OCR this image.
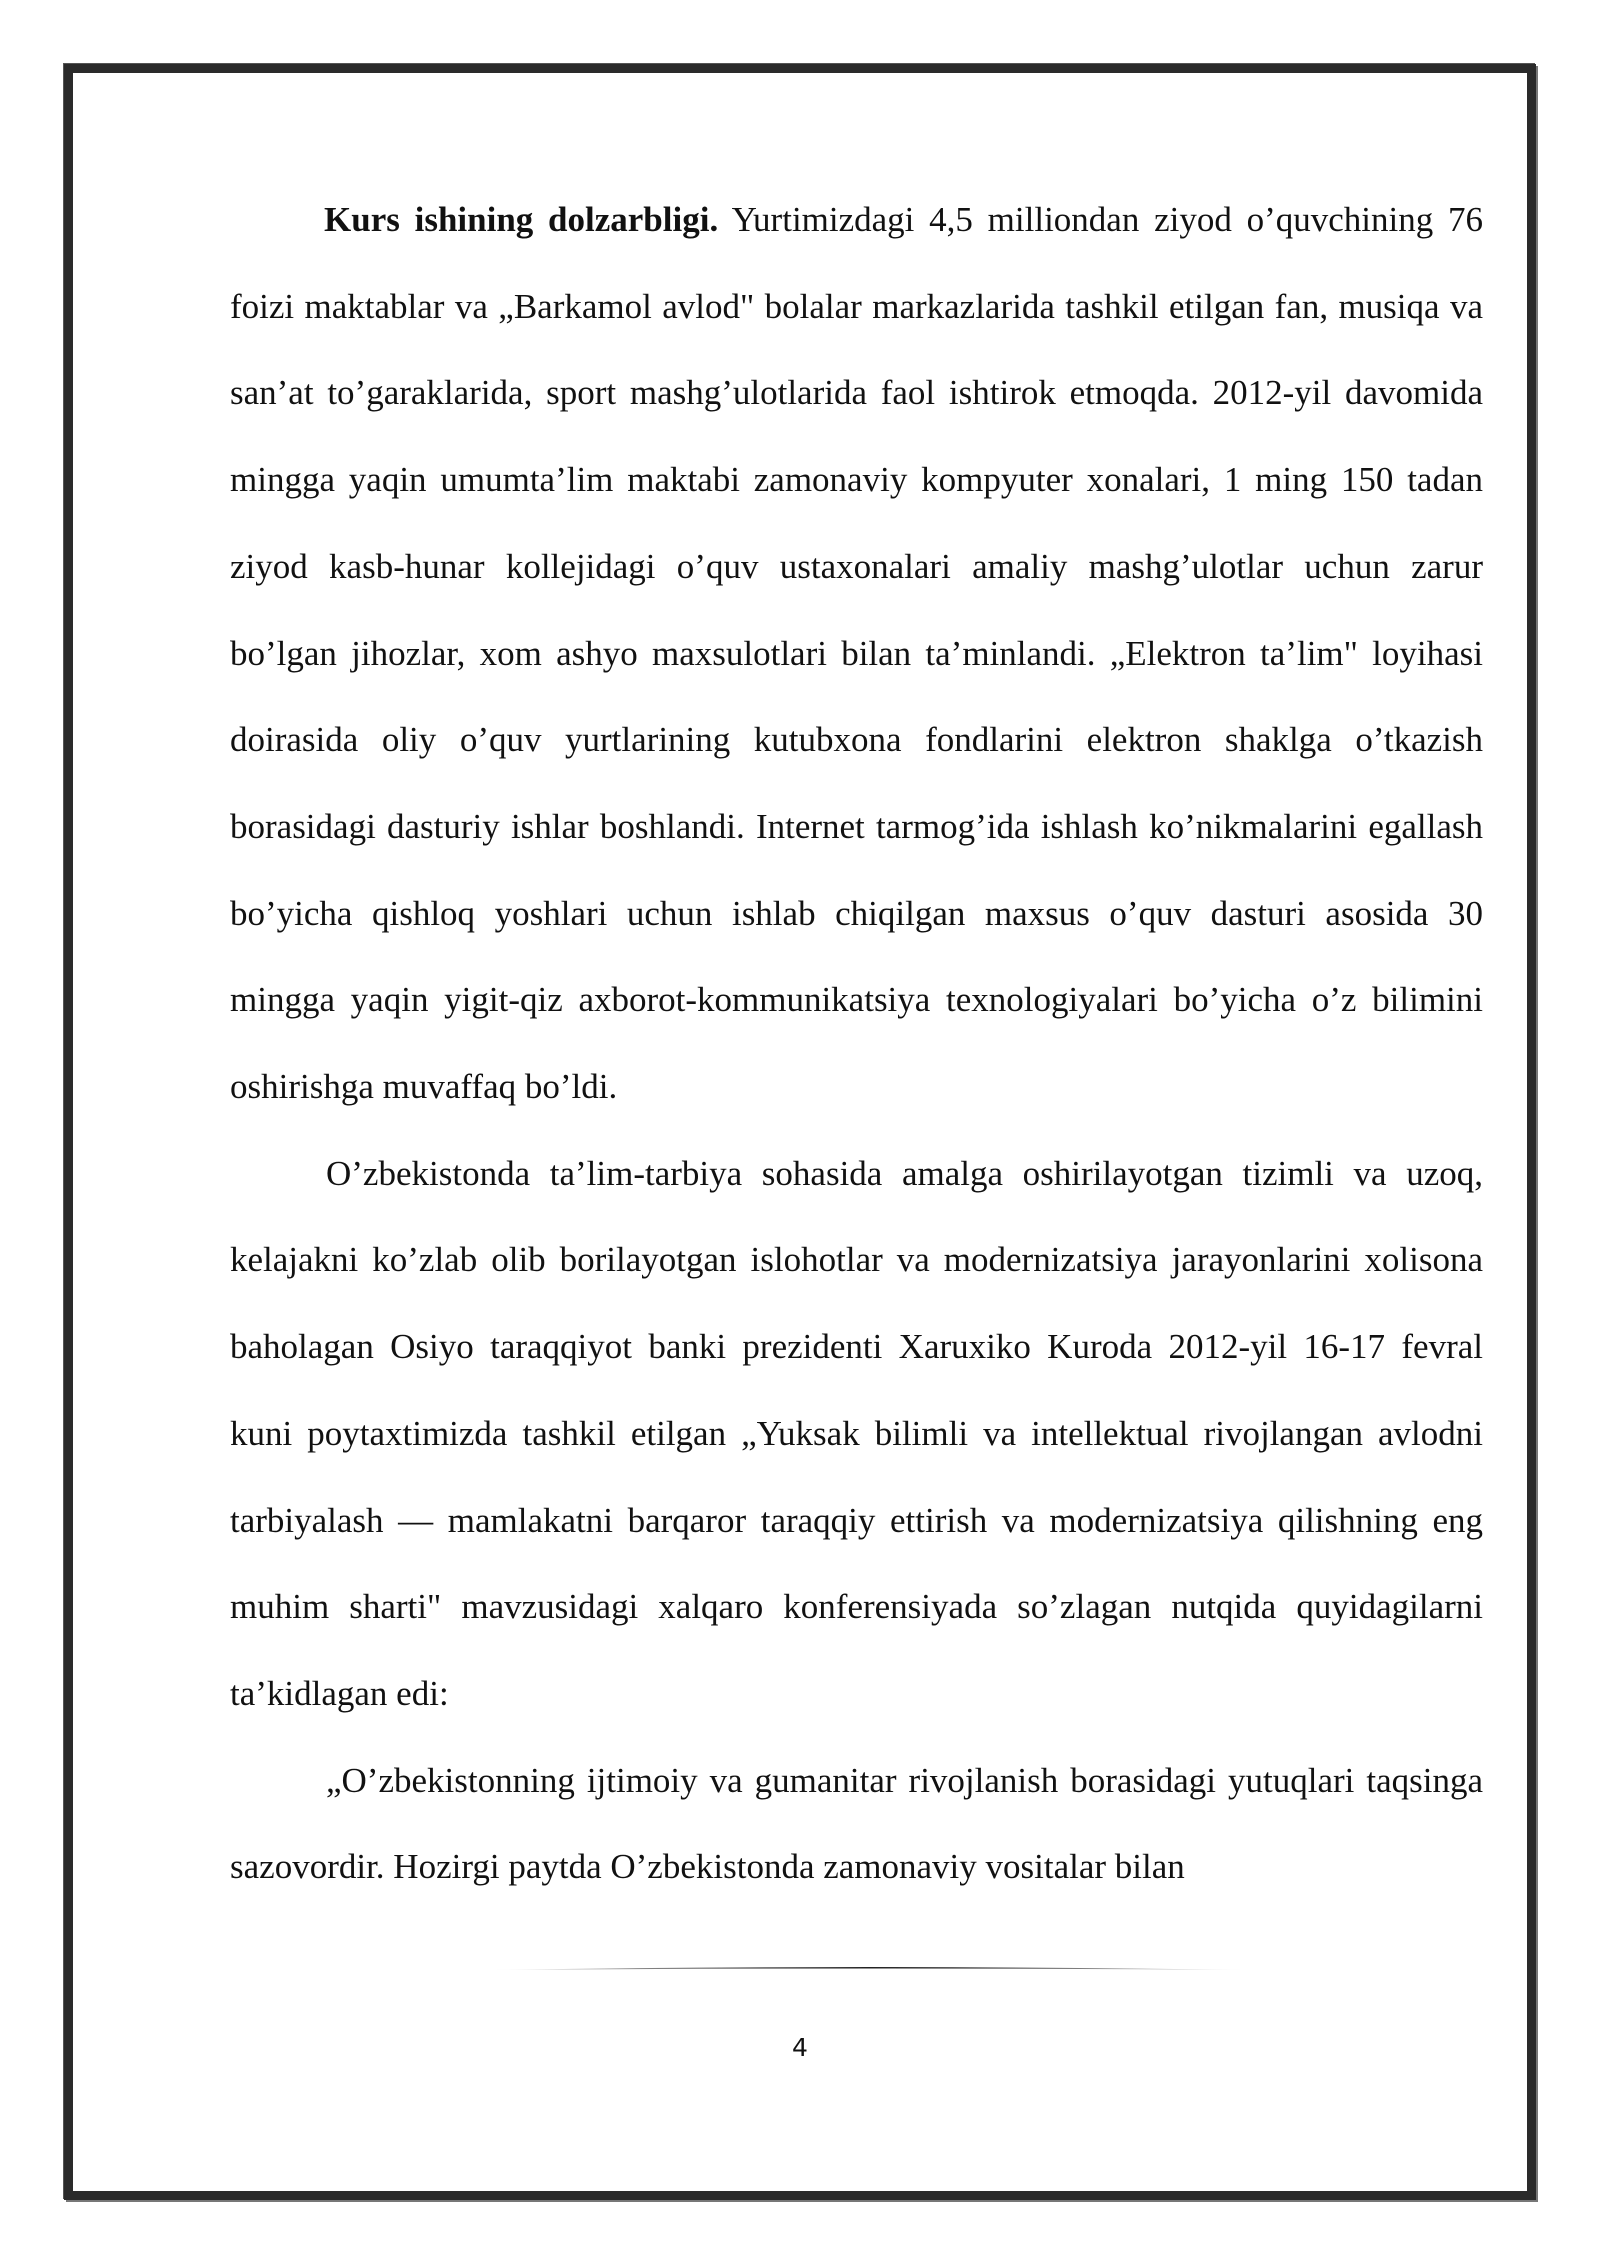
Kurs ishining dolzarbligi. Yurtimizdagi 4,5 milliondan ziyod o’quvchining 76 foizi maktablar va „Barkamol avlod" bolalar markazlarida tashkil etilgan fan, musiqa va san’at to’garaklarida, sport mashg’ulotlarida faol ishtirok etmoqda. 2012-yil davomida mingga yaqin umumta’lim maktabi zamonaviy kompyuter xonalari, 1 ming 150 tadan ziyod kasb-hunar kollejidagi o’quv ustaxonalari amaliy mashg’ulotlar uchun zarur bo’lgan jihozlar, xom ashyo maxsulotlari bilan ta’minlandi. „Elektron ta’lim" loyihasi doirasida oliy o’quv yurtlarining kutubxona fondlarini elektron shaklga o’tkazish borasidagi dasturiy ishlar boshlandi. Internet tarmog’ida ishlash ko’nikmalarini egallash bo’yicha qishloq yoshlari uchun ishlab chiqilgan maxsus o’quv dasturi asosida 30 mingga yaqin yigit-qiz axborot-kommunikatsiya texnologiyalari bo’yicha o’z bilimini oshirishga muvaffaq bo’ldi.

O’zbekistonda ta’lim-tarbiya sohasida amalga oshirilayotgan tizimli va uzoq, kelajakni ko’zlab olib borilayotgan islohotlar va modernizatsiya jarayonlarini xolisona baholagan Osiyo taraqqiyot banki prezidenti Xaruxiko Kuroda 2012-yil 16-17 fevral kuni poytaxtimizda tashkil etilgan „Yuksak bilimli va intellektual rivojlangan avlodni tarbiyalash — mamlakatni barqaror taraqqiy ettirish va modernizatsiya qilishning eng muhim sharti" mavzusidagi xalqaro konferensiyada so’zlagan nutqida quyidagilarni ta’kidlagan edi:

„O’zbekistonning ijtimoiy va gumanitar rivojlanish borasidagi yutuqlari taqsinga sazovordir. Hozirgi paytda O’zbekistonda zamonaviy vositalar bilan

4
